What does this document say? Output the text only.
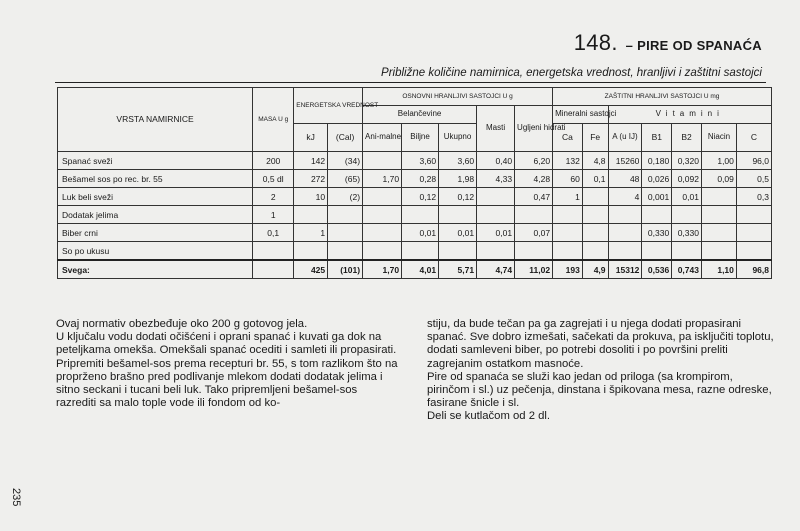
148. – PIRE OD SPANAĆA
Približne količine namirnica, energetska vrednost, hranljivi i zaštitni sastojci
VRSTA NAMIRNICE	MASA U g	ENERGETSKA VREDNOST		OSNOVNI HRANLJIVI SASTOJCI U g					ZAŠTITNI HRANLJIVI SASTOJCI U mg						
				Belančevine			Masti	Ugljeni hidrati	Mineralni sastojci		Vitamini				

		kJ	(Cal)	Ani-malne	Biljne	Ukupno			Ca	Fe	A (u IJ)	B1	B2	Niacin	C
Spanać sveži	200	142	(34)		3,60	3,60	0,40	6,20	132	4,8	15260	0,180	0,320	1,00	96,0
Bešamel sos po rec. br. 55	0,5 dl	272	(65)	1,70	0,28	1,98	4,33	4,28	60	0,1	48	0,026	0,092	0,09	0,5
Luk beli sveži	2	10	(2)		0,12	0,12		0,47	1		4	0,001	0,01		0,3
Dodatak jelima	1														
Biber crni	0,1	1			0,01	0,01	0,01	0,07				0,330	0,330		
So po ukusu															
Svega:		425	(101)	1,70	4,01	5,71	4,74	11,02	193	4,9	15312	0,536	0,743	1,10	96,8

Ovaj normativ obezbeđuje oko 200 g gotovog jela.

U ključalu vodu dodati očišćeni i oprani spanać i kuvati ga dok na peteljkama omekša. Omekšali spanać ocediti i samleti ili propasirati.

Pripremiti bešamel-sos prema recepturi br. 55, s tom razlikom što na proprženo brašno pred podlivanje mlekom dodati dodatak jelima i sitno seckani i tucani beli luk. Tako pripremljeni bešamel-sos razrediti sa malo tople vode ili fondom od ko-

stiju, da bude tečan pa ga zagrejati i u njega dodati propasirani spanać. Sve dobro izmešati, sačekati da prokuva, pa isključiti toplotu, dodati samleveni biber, po potrebi dosoliti i po površini preliti zagrejanim ostatkom masnoće.

Pire od spanaća se služi kao jedan od priloga (sa krompirom, pirinčom i sl.) uz pečenja, dinstana i špikovana mesa, razne odreske, fasirane šnicle i sl.

Deli se kutlačom od 2 dl.

235
